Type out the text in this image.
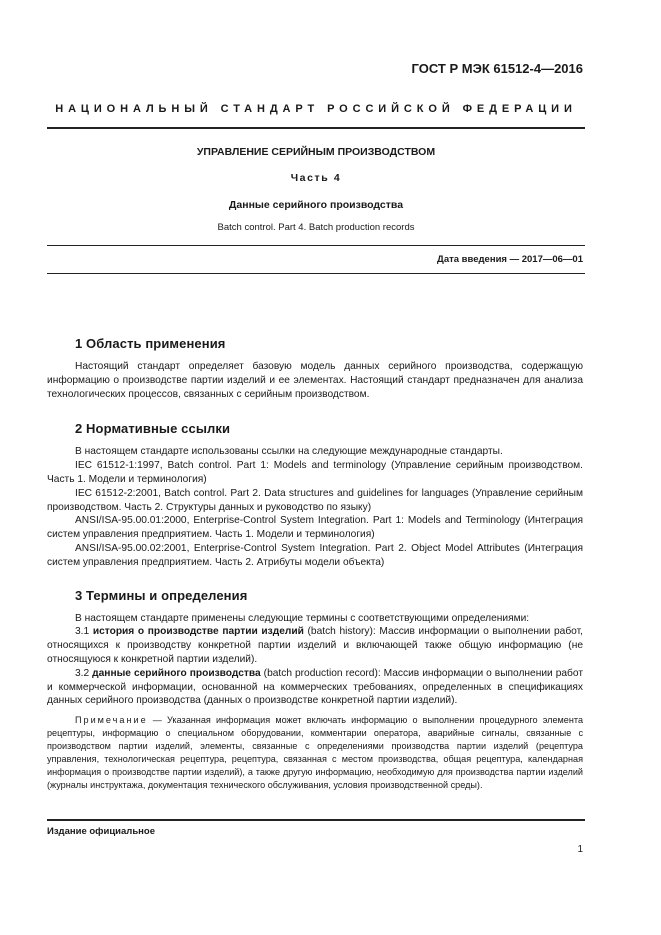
ГОСТ Р МЭК 61512-4—2016
НАЦИОНАЛЬНЫЙ СТАНДАРТ РОССИЙСКОЙ ФЕДЕРАЦИИ
УПРАВЛЕНИЕ СЕРИЙНЫМ ПРОИЗВОДСТВОМ
Часть 4
Данные серийного производства
Batch control. Part 4. Batch production records
Дата введения — 2017—06—01
1 Область применения

Настоящий стандарт определяет базовую модель данных серийного производства, содержащую информацию о производстве партии изделий и ее элементах. Настоящий стандарт предназначен для анализа технологических процессов, связанных с серийным производством.

2 Нормативные ссылки

В настоящем стандарте использованы ссылки на следующие международные стандарты.

IEC 61512-1:1997, Batch control. Part 1: Models and terminology (Управление серийным производством. Часть 1. Модели и терминология)

IEC 61512-2:2001, Batch control. Part 2. Data structures and guidelines for languages (Управление серийным производством. Часть 2. Структуры данных и руководство по языку)

ANSI/ISA-95.00.01:2000, Enterprise-Control System Integration. Part 1: Models and Terminology (Интеграция систем управления предприятием. Часть 1. Модели и терминология)

ANSI/ISA-95.00.02:2001, Enterprise-Control System Integration. Part 2. Object Model Attributes (Интеграция систем управления предприятием. Часть 2. Атрибуты модели объекта)

3 Термины и определения

В настоящем стандарте применены следующие термины с соответствующими определениями:

3.1 история о производстве партии изделий (batch history): Массив информации о выполнении работ, относящихся к производству конкретной партии изделий и включающей также общую информацию (не относящуюся к конкретной партии изделий).

3.2 данные серийного производства (batch production record): Массив информации о выполнении работ и коммерческой информации, основанной на коммерческих требованиях, определенных в спецификациях данных серийного производства (данных о производстве конкретной партии изделий).

Примечание — Указанная информация может включать информацию о выполнении процедурного элемента рецептуры, информацию о специальном оборудовании, комментарии оператора, аварийные сигналы, связанные с производством партии изделий, элементы, связанные с определениями производства партии изделий (рецептура управления, технологическая рецептура, рецептура, связанная с местом производства, общая рецептура, календарная информация о производстве партии изделий), а также другую информацию, необходимую для производства партии изделий (журналы инструктажа, документация технического обслуживания, условия производственной среды).

Издание официальное
1
